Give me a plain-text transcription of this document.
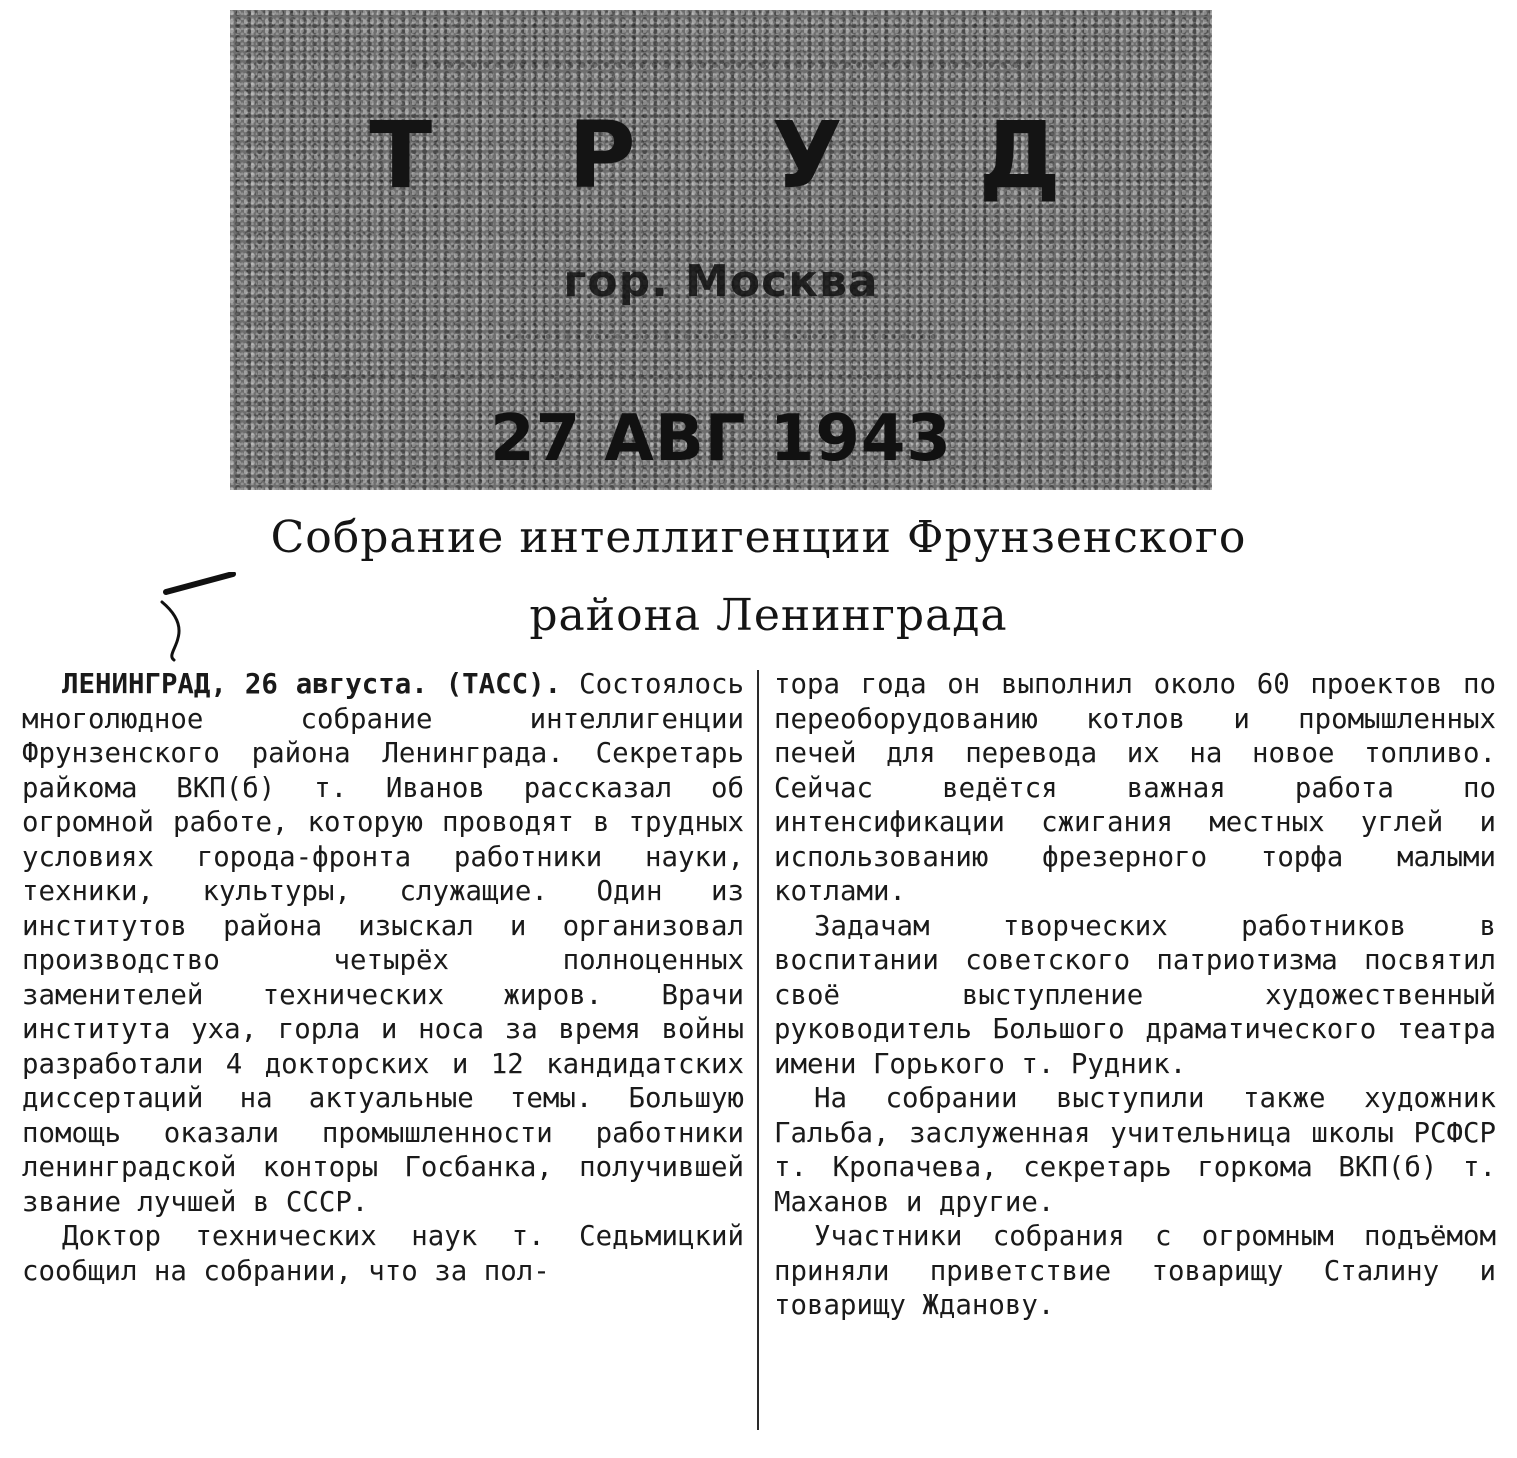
Т Р У Д
гор. Москва
27 АВГ 1943
Собрание интеллигенции Фрунзенского
района Ленинграда

ЛЕНИНГРАД, 26 августа. (ТАСС). Состоялось многолюдное собрание интеллигенции Фрунзенского района Ленинграда. Секретарь райкома ВКП(б) т. Иванов рассказал об огромной работе, которую проводят в трудных условиях города-фронта работники науки, техники, культуры, служащие. Один из институтов района изыскал и организовал производство четырёх полноценных заменителей технических жиров. Врачи института уха, горла и носа за время войны разработали 4 докторских и 12 кандидатских диссертаций на актуальные темы. Большую помощь оказали промышленности работники ленинградской конторы Госбанка, получившей звание лучшей в СССР.

Доктор технических наук т. Седьмицкий сообщил на собрании, что за пол-

тора года он выполнил около 60 проектов по переоборудованию котлов и промышленных печей для перевода их на новое топливо. Сейчас ведётся важная работа по интенсификации сжигания местных углей и использованию фрезерного торфа малыми котлами.

Задачам творческих работников в воспитании советского патриотизма посвятил своё выступление художественный руководитель Большого драматического театра имени Горького т. Рудник.

На собрании выступили также художник Гальба, заслуженная учительница школы РСФСР т. Кропачева, секретарь горкома ВКП(б) т. Маханов и другие.

Участники собрания с огромным подъёмом приняли приветствие товарищу Сталину и товарищу Жданову.
